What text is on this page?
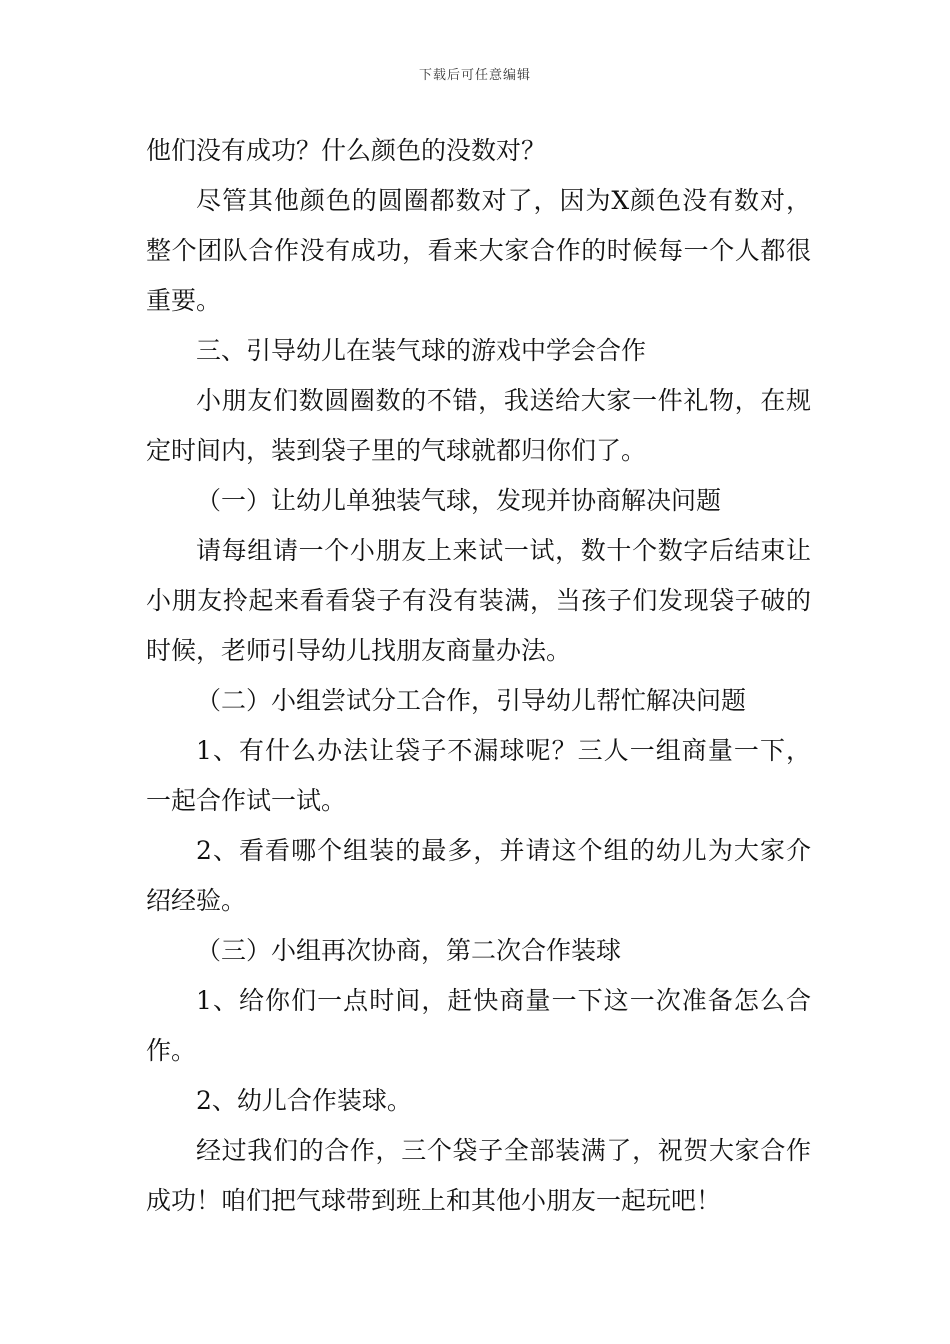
下载后可任意编辑

他们没有成功？什么颜色的没数对？

尽管其他颜色的圆圈都数对了，因为X颜色没有数对，整个团队合作没有成功，看来大家合作的时候每一个人都很重要。

三、引导幼儿在装气球的游戏中学会合作

小朋友们数圆圈数的不错，我送给大家一件礼物，在规定时间内，装到袋子里的气球就都归你们了。

（一）让幼儿单独装气球，发现并协商解决问题

请每组请一个小朋友上来试一试，数十个数字后结束让小朋友拎起来看看袋子有没有装满，当孩子们发现袋子破的时候，老师引导幼儿找朋友商量办法。

（二）小组尝试分工合作，引导幼儿帮忙解决问题

1、有什么办法让袋子不漏球呢？三人一组商量一下，一起合作试一试。

2、看看哪个组装的最多，并请这个组的幼儿为大家介绍经验。

（三）小组再次协商，第二次合作装球

1、给你们一点时间，赶快商量一下这一次准备怎么合作。

2、幼儿合作装球。

经过我们的合作，三个袋子全部装满了，祝贺大家合作成功！咱们把气球带到班上和其他小朋友一起玩吧！
